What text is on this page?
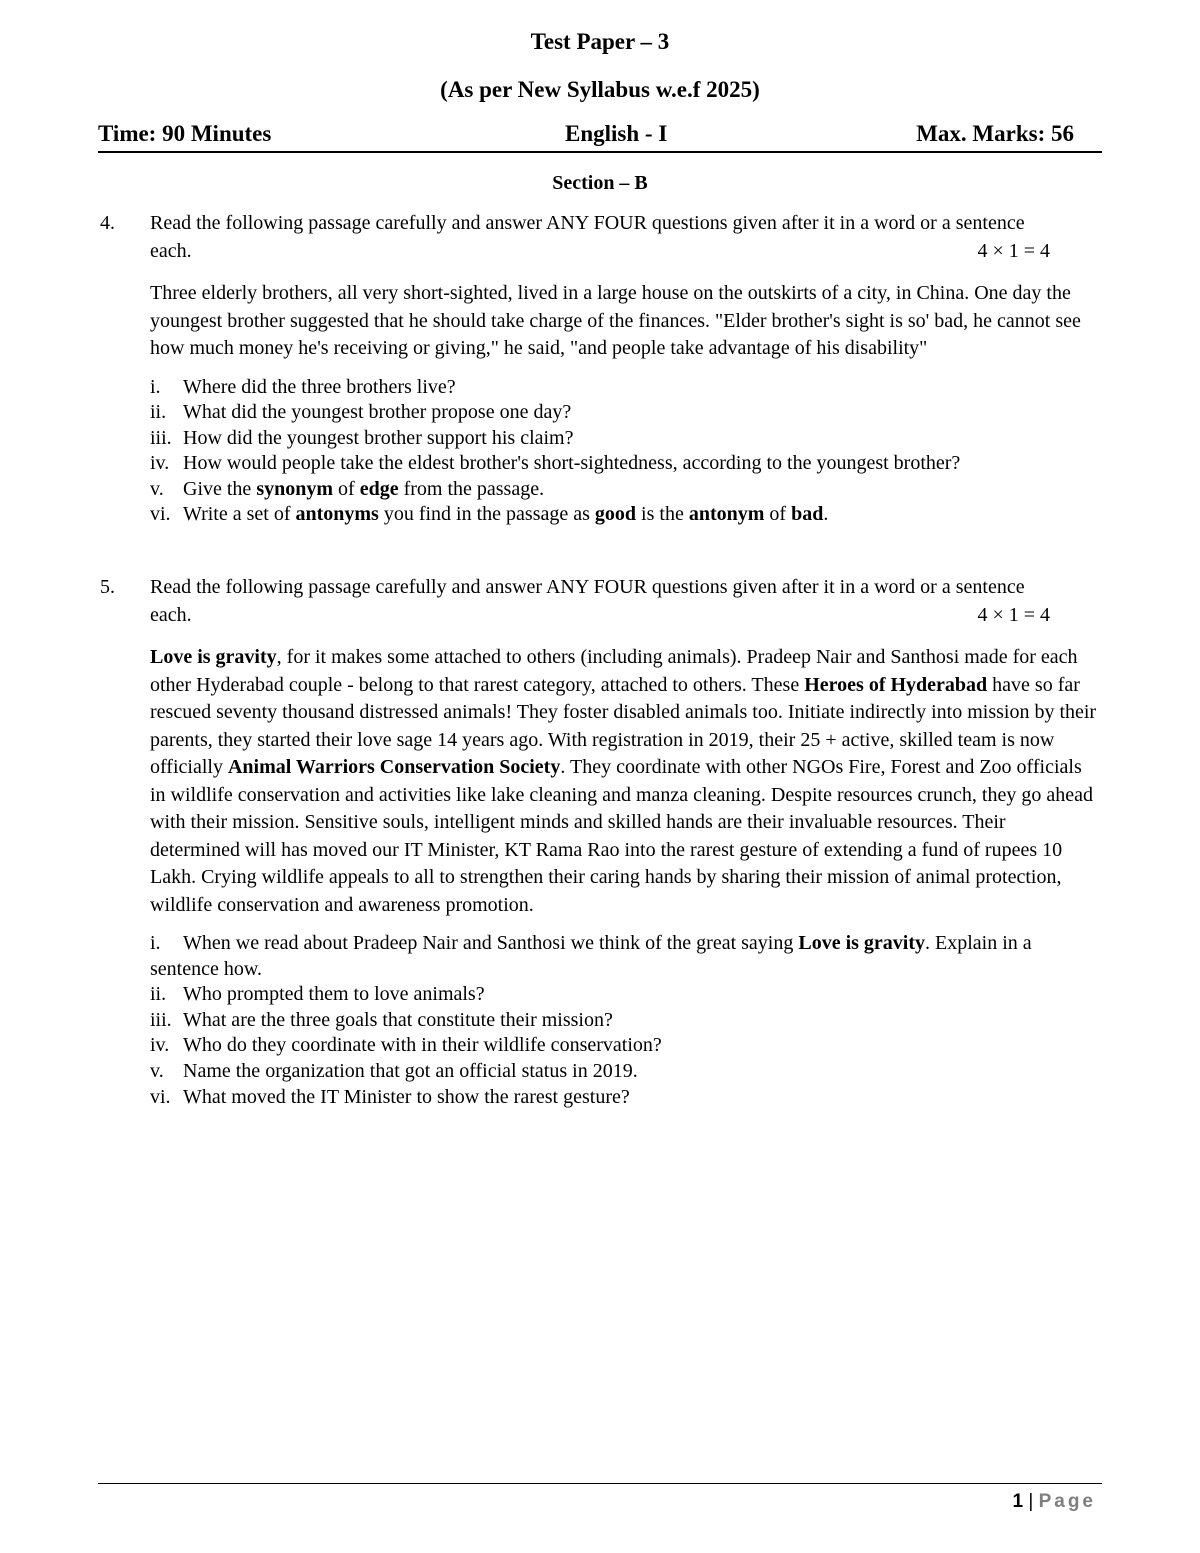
Test Paper – 3
(As per New Syllabus w.e.f 2025)
Time: 90 Minutes	English - I	Max. Marks: 56
Section – B
4. Read the following passage carefully and answer ANY FOUR questions given after it in a word or a sentence each.	4 × 1 = 4
Three elderly brothers, all very short-sighted, lived in a large house on the outskirts of a city, in China. One day the youngest brother suggested that he should take charge of the finances. "Elder brother's sight is so' bad, he cannot see how much money he's receiving or giving," he said, "and people take advantage of his disability"
i. Where did the three brothers live?
ii. What did the youngest brother propose one day?
iii. How did the youngest brother support his claim?
iv. How would people take the eldest brother's short-sightedness, according to the youngest brother?
v. Give the synonym of edge from the passage.
vi. Write a set of antonyms you find in the passage as good is the antonym of bad.
5. Read the following passage carefully and answer ANY FOUR questions given after it in a word or a sentence each.	4 × 1 = 4
Love is gravity, for it makes some attached to others (including animals). Pradeep Nair and Santhosi made for each other Hyderabad couple - belong to that rarest category, attached to others. These Heroes of Hyderabad have so far rescued seventy thousand distressed animals! They foster disabled animals too. Initiate indirectly into mission by their parents, they started their love sage 14 years ago. With registration in 2019, their 25 + active, skilled team is now officially Animal Warriors Conservation Society. They coordinate with other NGOs Fire, Forest and Zoo officials in wildlife conservation and activities like lake cleaning and manza cleaning. Despite resources crunch, they go ahead with their mission. Sensitive souls, intelligent minds and skilled hands are their invaluable resources. Their determined will has moved our IT Minister, KT Rama Rao into the rarest gesture of extending a fund of rupees 10 Lakh. Crying wildlife appeals to all to strengthen their caring hands by sharing their mission of animal protection, wildlife conservation and awareness promotion.
i. When we read about Pradeep Nair and Santhosi we think of the great saying Love is gravity. Explain in a sentence how.
ii. Who prompted them to love animals?
iii. What are the three goals that constitute their mission?
iv. Who do they coordinate with in their wildlife conservation?
v. Name the organization that got an official status in 2019.
vi. What moved the IT Minister to show the rarest gesture?
1 | Page
